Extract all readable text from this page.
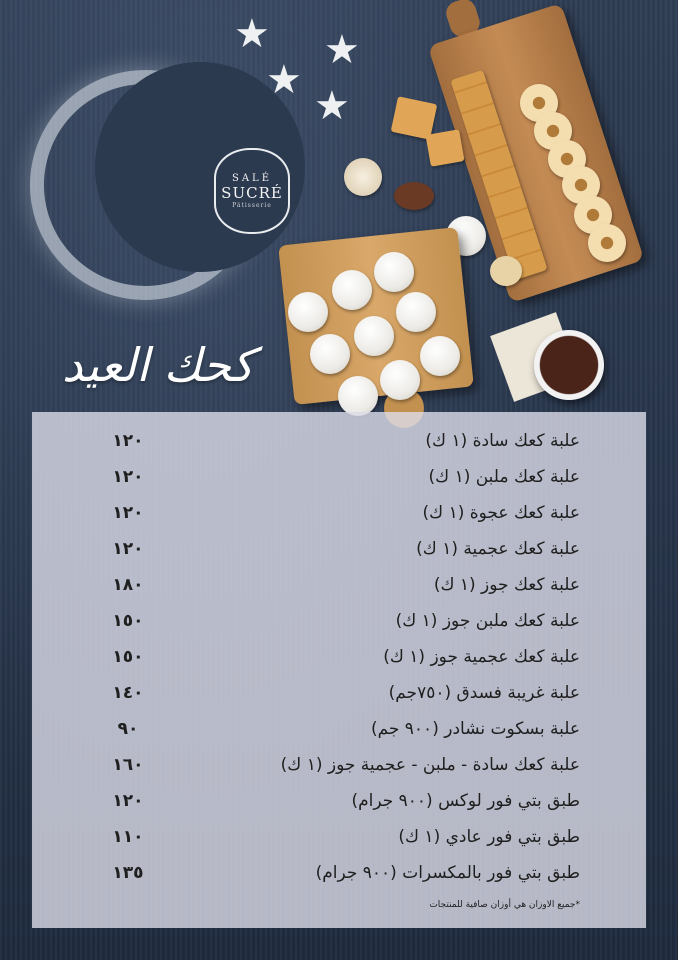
★ ★
★
★
SALÉ
SUCRÉ
Pâtisserie
كحك العيد
علبة كعك سادة (١ ك)
١٢٠
علبة كعك ملبن (١ ك)
١٢٠
علبة كعك عجوة (١ ك)
١٢٠
علبة كعك عجمية (١ ك)
١٢٠
علبة كعك جوز (١ ك)
١٨٠
علبة كعك ملبن جوز (١ ك)
١٥٠
علبة كعك عجمية جوز (١ ك)
١٥٠
علبة غريبة فسدق (٧٥٠جم)
١٤٠
علبة بسكوت نشادر (٩٠٠ جم)
٩٠
علبة كعك سادة - ملبن - عجمية جوز (١ ك)
١٦٠
طبق بتي فور لوكس (٩٠٠ جرام)
١٢٠
طبق بتي فور عادي (١ ك)
١١٠
طبق بتي فور بالمكسرات (٩٠٠ جرام)
١٣٥
*جميع الاوزان هي أوزان صافية للمنتجات
